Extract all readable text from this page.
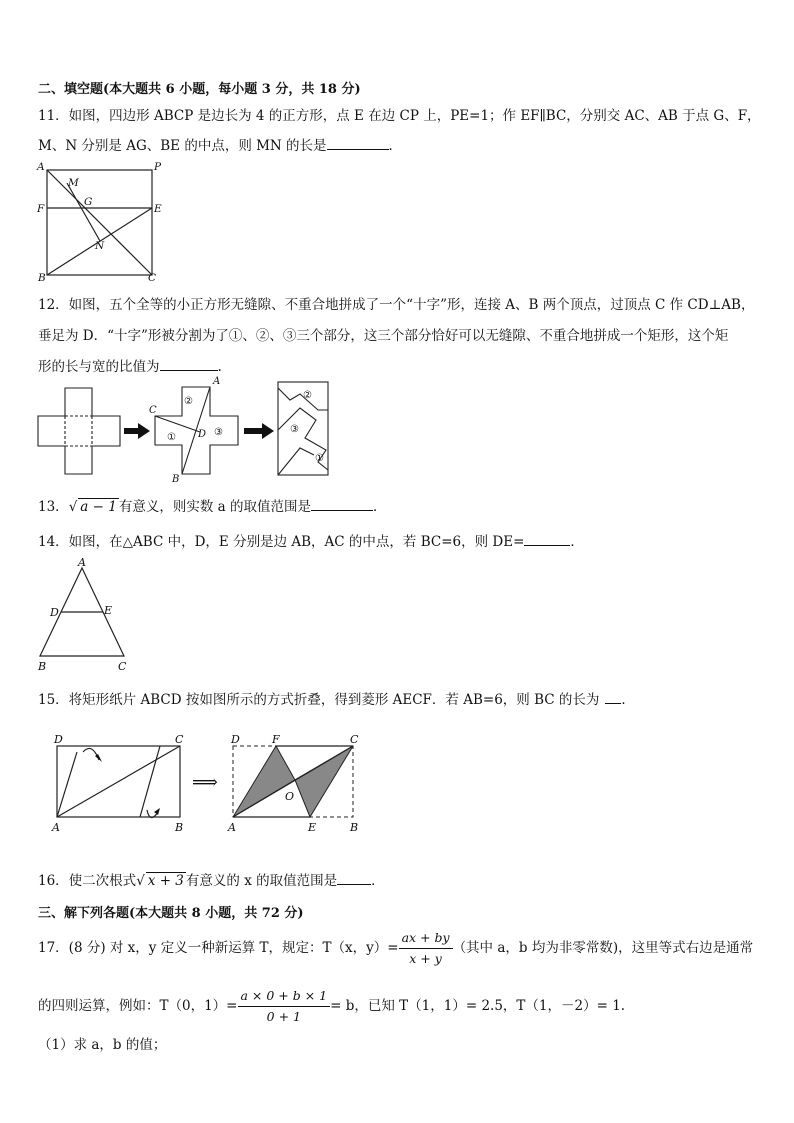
二、填空题(本大题共 6 小题，每小题 3 分，共 18 分)
11．如图，四边形 ABCP 是边长为 4 的正方形，点 E 在边 CP 上，PE=1；作 EF∥BC，分别交 AC、AB 于点 G、F，
M、N 分别是 AG、BE 的中点，则 MN 的长是	．
A	P
M
G
F	E
N
B	C
12．如图，五个全等的小正方形无缝隙、不重合地拼成了一个“十字”形，连接 A、B 两个顶点，过顶点 C 作 CD⊥AB，
垂足为 D．“十字”形被分割为了①、②、③三个部分，这三个部分恰好可以无缝隙、不重合地拼成一个矩形，这个矩
形的长与宽的比值为	.
A
C
D
B
②
①	③
②
③
①
13．√ a − 1 有意义，则实数 a 的取值范围是	．
14．如图，在△ABC 中，D，E 分别是边 AB，AC 的中点，若 BC=6，则 DE=	．
A
D	E
B	C
15．将矩形纸片 ABCD 按如图所示的方式折叠，得到菱形 AECF．若 AB=6，则 BC 的长为 ．
D	C
A	B
⟹
D	F	C
O
A	E	B
16．使二次根式√ x + 3 有意义的 x 的取值范围是	．
三、解下列各题(本大题共 8 小题，共 72 分)
17．(8 分) 对 x，y 定义一种新运算 T，规定：T（x，$y)= \frac{ax + by}{x + y}$ （其中 a，b 均为非零常数)，这里等式右边是通常
的四则运算，例如：T（0，$1)= \frac{a \times 0 + b \times 1}{0 + 1} = b$，已知 T（1，1）= 2.5，T（1，－2）= 1.
（1）求 a，b 的值；
